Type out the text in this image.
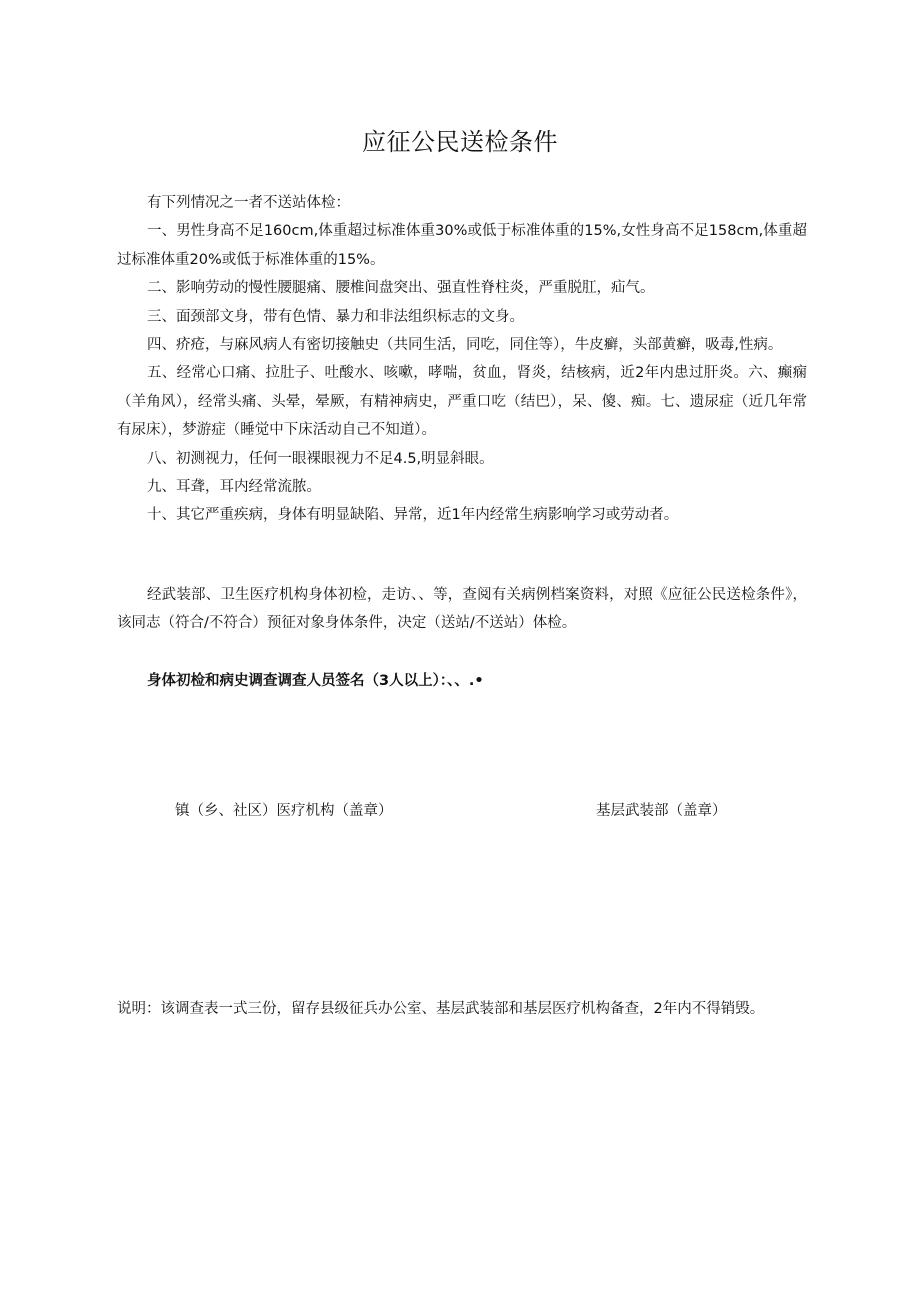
应征公民送检条件

有下列情况之一者不送站体检：

一、男性身高不足160cm,体重超过标准体重30%或低于标准体重的15%,女性身高不足158cm,体重超过标准体重20%或低于标准体重的15%。

二、影响劳动的慢性腰腿痛、腰椎间盘突出、强直性脊柱炎，严重脱肛，疝气。

三、面颈部文身，带有色情、暴力和非法组织标志的文身。

四、疥疮，与麻风病人有密切接触史（共同生活，同吃，同住等），牛皮癣，头部黄癣，吸毒,性病。

五、经常心口痛、拉肚子、吐酸水、咳嗽，哮喘，贫血，肾炎，结核病，近2年内患过肝炎。六、癫痫（羊角风），经常头痛、头晕，晕厥，有精神病史，严重口吃（结巴），呆、傻、痴。七、遗尿症（近几年常有尿床），梦游症（睡觉中下床活动自己不知道）。

八、初测视力，任何一眼裸眼视力不足4.5,明显斜眼。

九、耳聋，耳内经常流脓。

十、其它严重疾病，身体有明显缺陷、异常，近1年内经常生病影响学习或劳动者。

经武装部、卫生医疗机构身体初检，走访、、等，查阅有关病例档案资料，对照《应征公民送检条件》，该同志（符合/不符合）预征对象身体条件，决定（送站/不送站）体检。

身体初检和病史调查调查人员签名（3人以上）：、、.•

镇（乡、社区）医疗机构（盖章）	基层武装部（盖章）

说明：该调查表一式三份，留存县级征兵办公室、基层武装部和基层医疗机构备查，2年内不得销毁。
